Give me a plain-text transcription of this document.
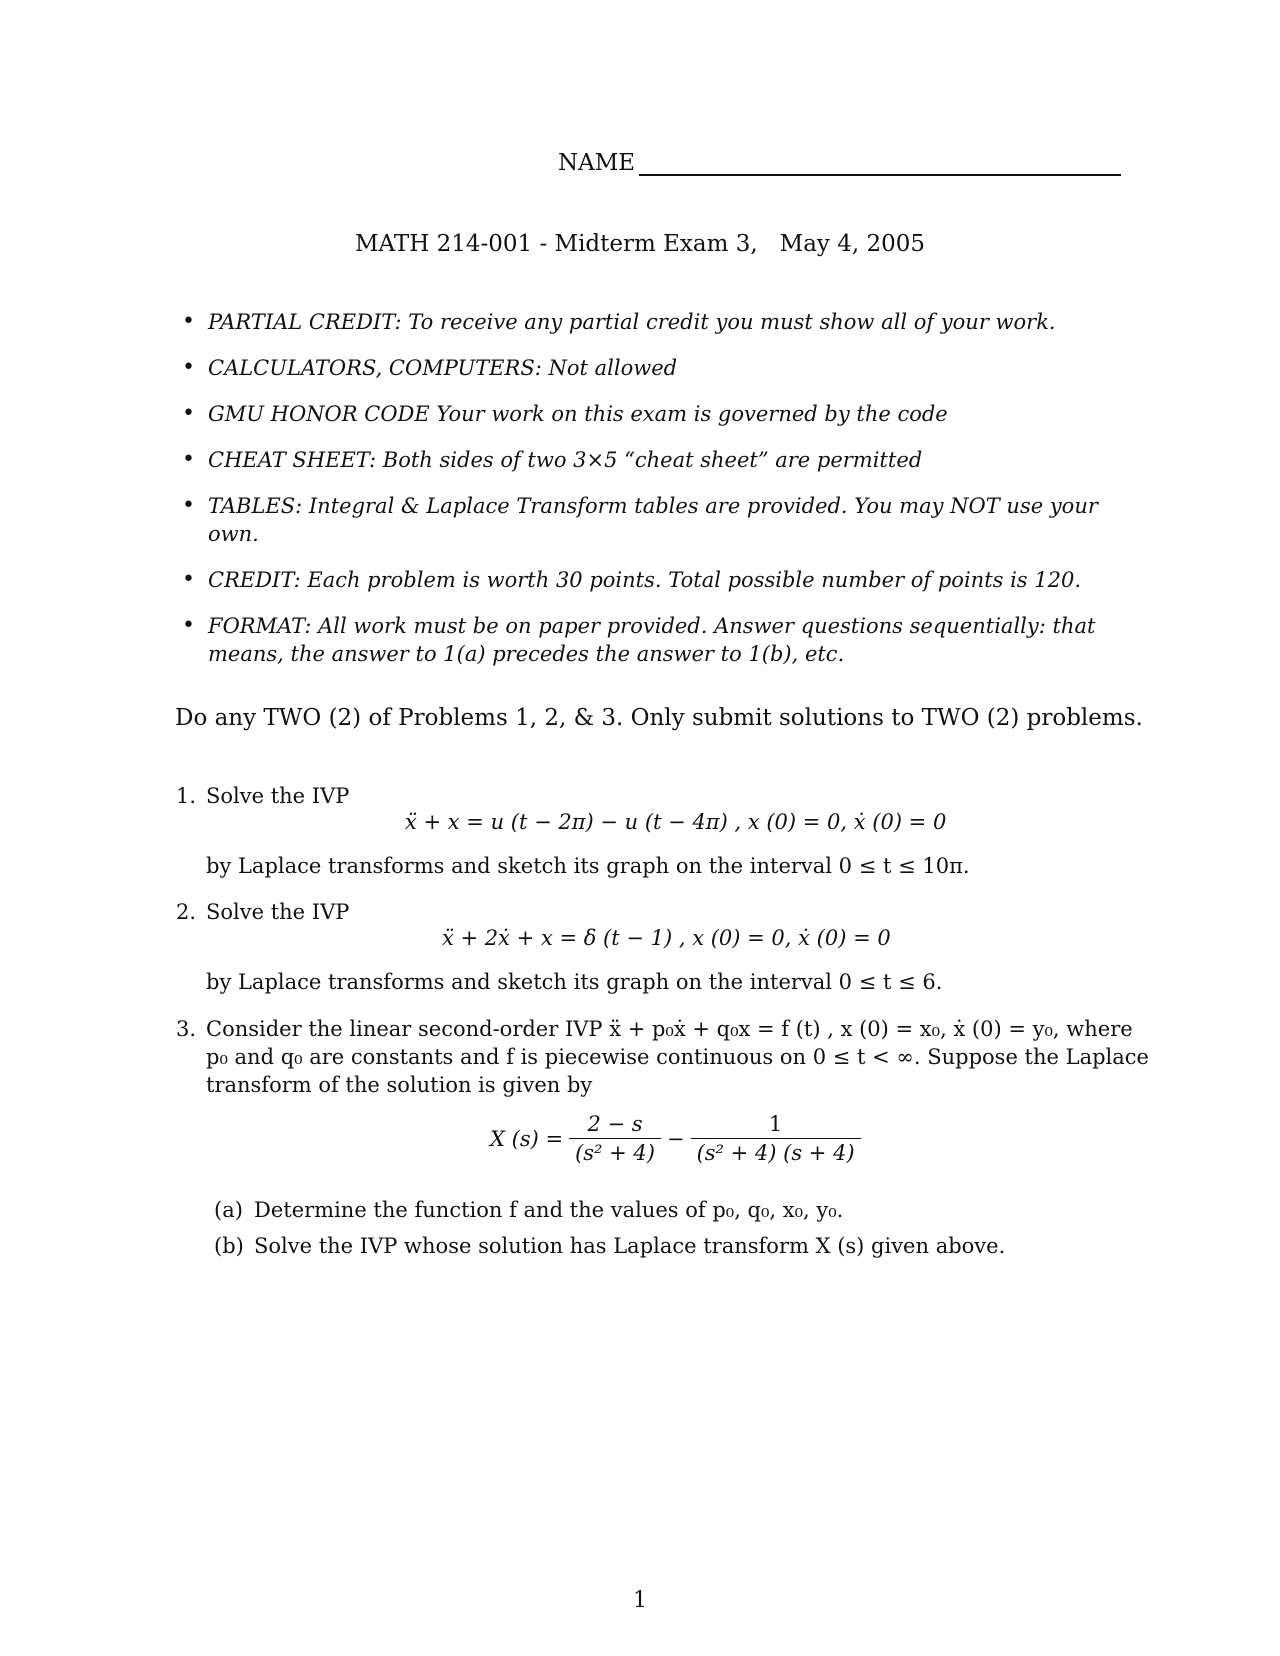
NAME
MATH 214-001 - Midterm Exam 3, May 4, 2005
• PARTIAL CREDIT: To receive any partial credit you must show all of your work.
• CALCULATORS, COMPUTERS: Not allowed
• GMU HONOR CODE Your work on this exam is governed by the code
• CHEAT SHEET: Both sides of two 3×5 “cheat sheet” are permitted
• TABLES: Integral & Laplace Transform tables are provided. You may NOT use your own.
• CREDIT: Each problem is worth 30 points. Total possible number of points is 120.
• FORMAT: All work must be on paper provided. Answer questions sequentially: that means, the answer to 1(a) precedes the answer to 1(b), etc.
Do any TWO (2) of Problems 1, 2, & 3. Only submit solutions to TWO (2) problems.
1. Solve the IVP
ẍ + x = u (t − 2π) − u (t − 4π) , x (0) = 0, ẋ (0) = 0
by Laplace transforms and sketch its graph on the interval 0 ≤ t ≤ 10π.
2. Solve the IVP
ẍ + 2ẋ + x = δ (t − 1) , x (0) = 0, ẋ (0) = 0
by Laplace transforms and sketch its graph on the interval 0 ≤ t ≤ 6.
3. Consider the linear second-order IVP ẍ + p₀ẋ + q₀x = f (t) , x (0) = x₀, ẋ (0) = y₀, where
p₀ and q₀ are constants and f is piecewise continuous on 0 ≤ t < ∞. Suppose the Laplace
transform of the solution is given by
X $(s) = \frac{2 - s}{\text{(s² + 4)}} - \frac{1}{\text{(s² + 4) (s + 4)}}$
(a) Determine the function f and the values of p₀, q₀, x₀, y₀.
(b) Solve the IVP whose solution has Laplace transform X (s) given above.
1
